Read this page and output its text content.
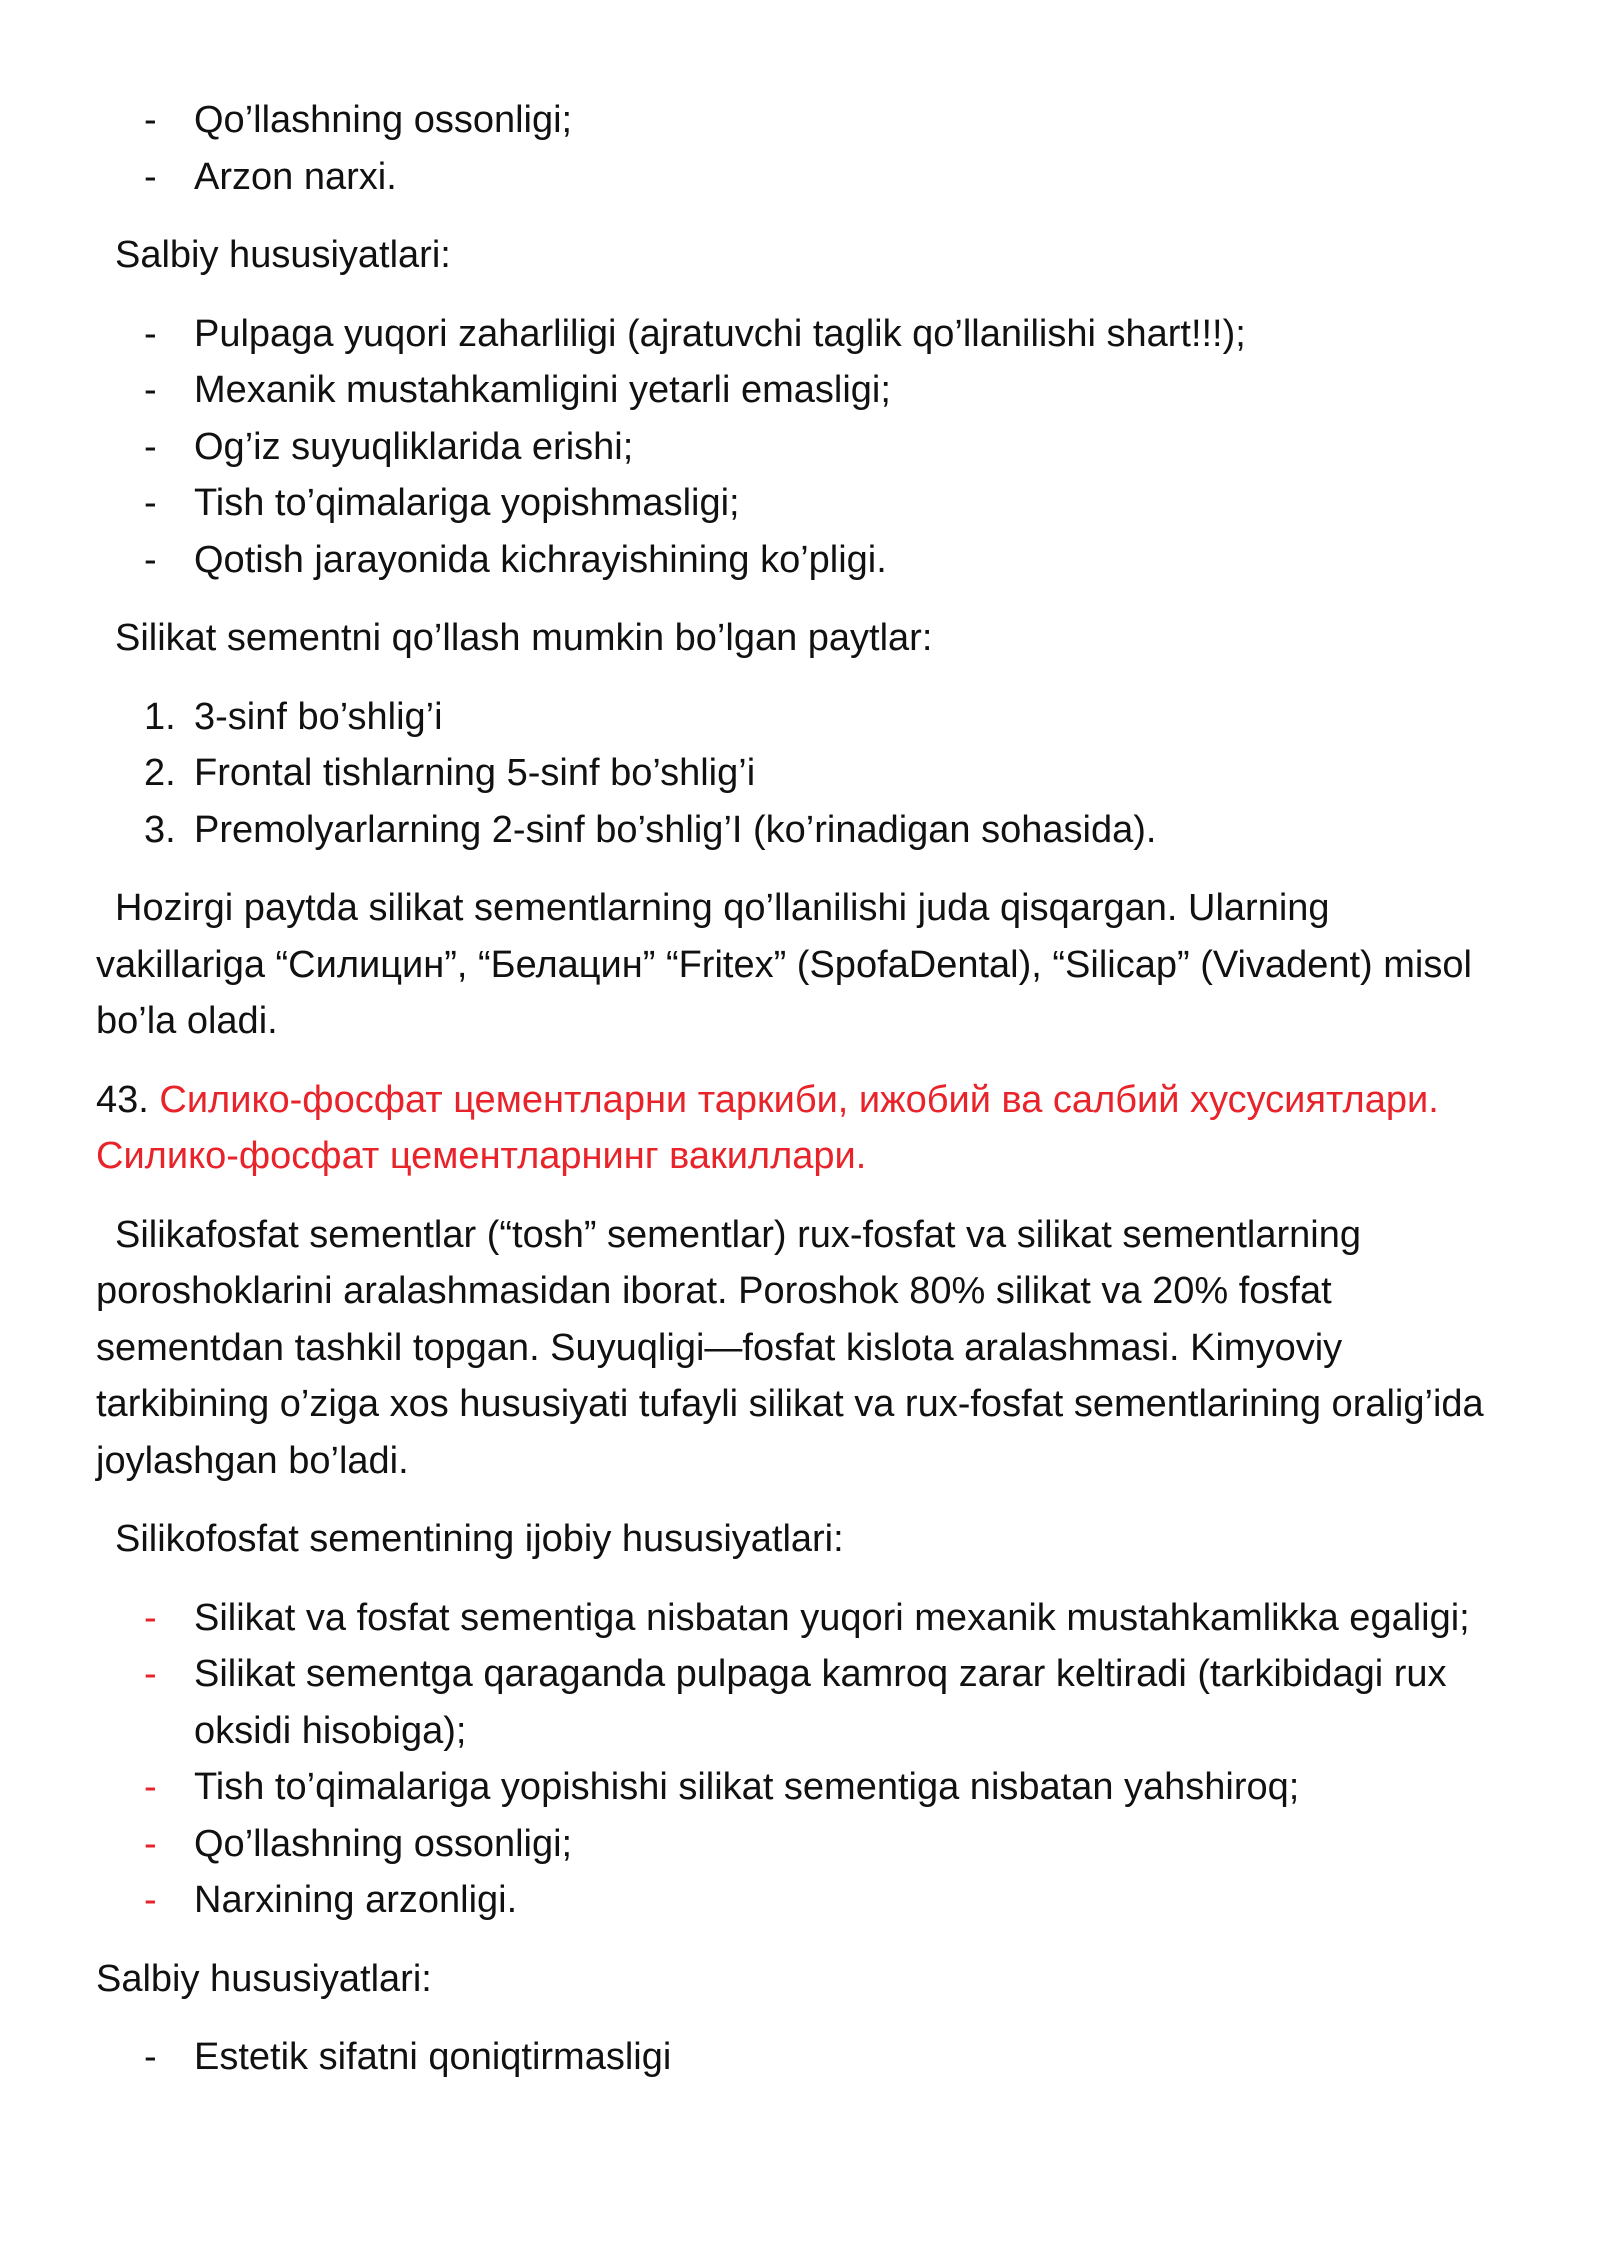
- Qo’llashning ossonligi;
- Arzon narxi.

Salbiy hususiyatlari:

- Pulpaga yuqori zaharliligi (ajratuvchi taglik qo’llanilishi shart!!!);
- Mexanik mustahkamligini yetarli emasligi;
- Og’iz suyuqliklarida erishi;
- Tish to’qimalariga yopishmasligi;
- Qotish jarayonida kichrayishining ko’pligi.

Silikat sementni qo’llash mumkin bo’lgan paytlar:

1. 3-sinf bo’shlig’i
2. Frontal tishlarning 5-sinf bo’shlig’i
3. Premolyarlarning 2-sinf bo’shlig’I (ko’rinadigan sohasida).

Hozirgi paytda silikat sementlarning qo’llanilishi juda qisqargan. Ularning vakillariga “Силицин”, “Белацин” “Fritex” (SpofaDental), “Silicap” (Vivadent) misol bo’la oladi.

43. Силико-фосфат цементларни таркиби, ижобий ва салбий хусусиятлари. Силико-фосфат цементларнинг вакиллари.

Silikafosfat sementlar (“tosh” sementlar) rux-fosfat va silikat sementlarning poroshoklarini aralashmasidan iborat. Poroshok 80% silikat va 20% fosfat sementdan tashkil topgan. Suyuqligi—fosfat kislota aralashmasi. Kimyoviy tarkibining o’ziga xos hususiyati tufayli silikat va rux-fosfat sementlarining oralig’ida joylashgan bo’ladi.

Silikofosfat sementining ijobiy hususiyatlari:

- Silikat va fosfat sementiga nisbatan yuqori mexanik mustahkamlikka egaligi;
- Silikat sementga qaraganda pulpaga kamroq zarar keltiradi (tarkibidagi rux oksidi hisobiga);
- Tish to’qimalariga yopishishi silikat sementiga nisbatan yahshiroq;
- Qo’llashning ossonligi;
- Narxining arzonligi.

Salbiy hususiyatlari:

- Estetik sifatni qoniqtirmasligi
